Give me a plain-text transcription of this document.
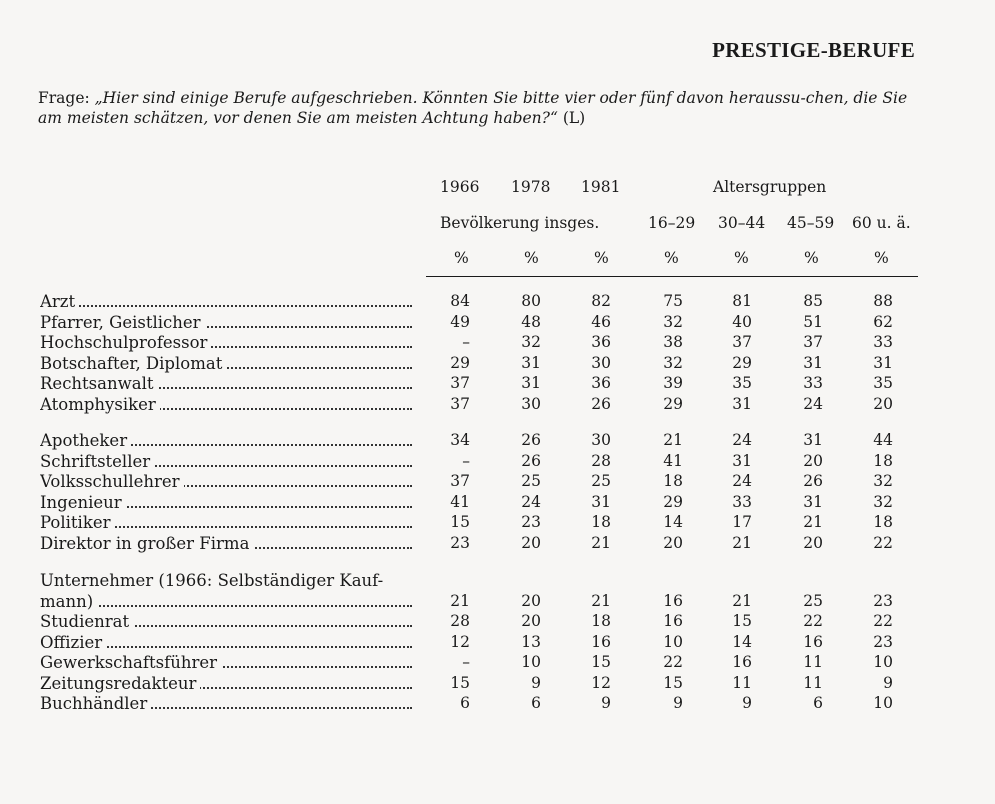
PRESTIGE-BERUFE
Frage: „Hier sind einige Berufe aufgeschrieben. Könnten Sie bitte vier oder fünf davon heraussu-chen, die Sie am meisten schätzen, vor denen Sie am meisten Achtung haben?“ (L)
1966 1978 1981	Altersgruppen
Bevölkerung insges.	16–29 30–44 45–59 60 u. ä.
%	%	%	%	%	%	%
Arzt	84	80	82	75	81	85	88
Pfarrer, Geistlicher	49	48	46	32	40	51	62
Hochschulprofessor	–	32	36	38	37	37	33
Botschafter, Diplomat	29	31	30	32	29	31	31
Rechtsanwalt	37	31	36	39	35	33	35
Atomphysiker	37	30	26	29	31	24	20
Apotheker	34	26	30	21	24	31	44
Schriftsteller	–	26	28	41	31	20	18
Volksschullehrer	37	25	25	18	24	26	32
Ingenieur	41	24	31	29	33	31	32
Politiker	15	23	18	14	17	21	18
Direktor in großer Firma	23	20	21	20	21	20	22
Unternehmer (1966: Selbständiger Kauf-
mann)	21	20	21	16	21	25	23
Studienrat	28	20	18	16	15	22	22
Offizier	12	13	16	10	14	16	23
Gewerkschaftsführer	–	10	15	22	16	11	10
Zeitungsredakteur	15	9	12	15	11	11	9
Buchhändler	6	6	9	9	9	6	10
